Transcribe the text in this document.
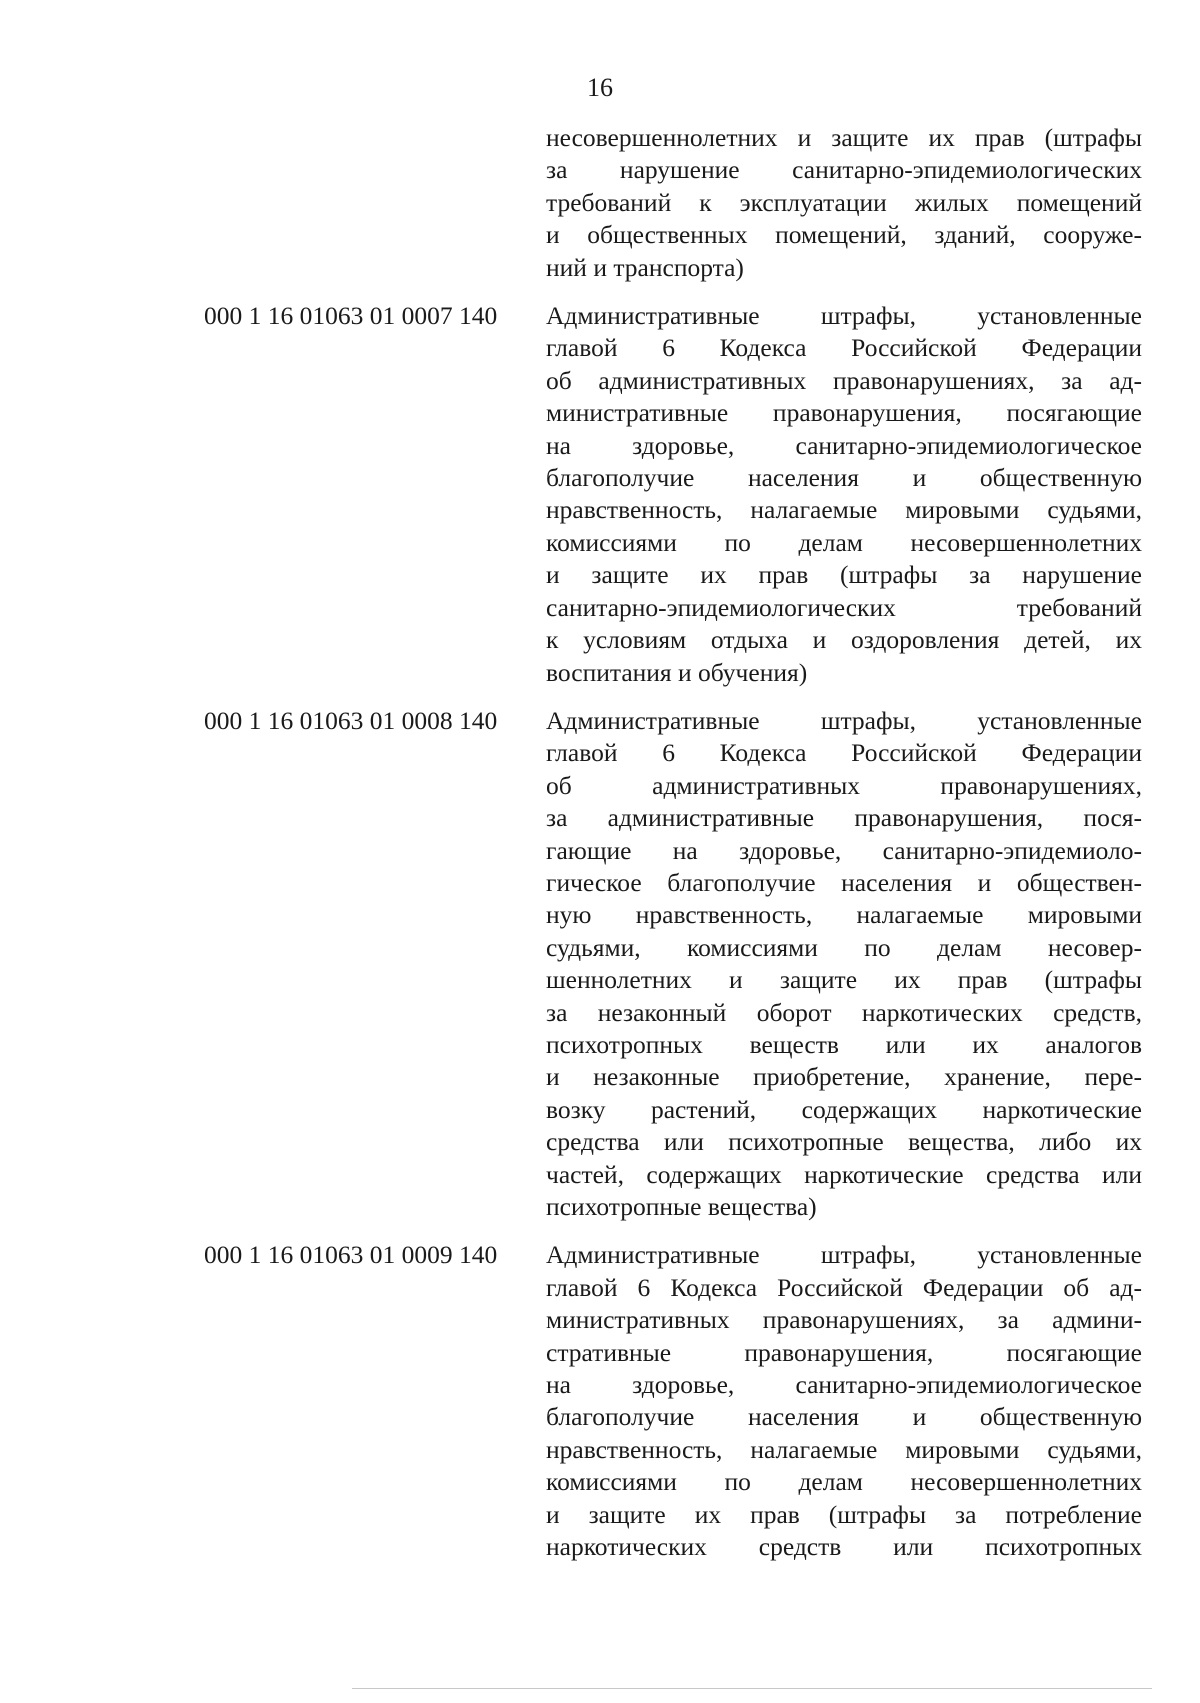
16
несовершеннолетних и защите их прав (штрафы
за нарушение санитарно-эпидемиологических
требований к эксплуатации жилых помещений
и общественных помещений, зданий, сооруже-
ний и транспорта)
000 1 16 01063 01 0007 140	Административные штрафы, установленные
главой 6 Кодекса Российской Федерации
об административных правонарушениях, за ад-
министративные правонарушения, посягающие
на здоровье, санитарно-эпидемиологическое
благополучие населения и общественную
нравственность, налагаемые мировыми судьями,
комиссиями по делам несовершеннолетних
и защите их прав (штрафы за нарушение
санитарно-эпидемиологических требований
к условиям отдыха и оздоровления детей, их
воспитания и обучения)
000 1 16 01063 01 0008 140	Административные штрафы, установленные
главой 6 Кодекса Российской Федерации
об административных правонарушениях,
за административные правонарушения, пося-
гающие на здоровье, санитарно-эпидемиоло-
гическое благополучие населения и обществен-
ную нравственность, налагаемые мировыми
судьями, комиссиями по делам несовер-
шеннолетних и защите их прав (штрафы
за незаконный оборот наркотических средств,
психотропных веществ или их аналогов
и незаконные приобретение, хранение, пере-
возку растений, содержащих наркотические
средства или психотропные вещества, либо их
частей, содержащих наркотические средства или
психотропные вещества)
000 1 16 01063 01 0009 140	Административные штрафы, установленные
главой 6 Кодекса Российской Федерации об ад-
министративных правонарушениях, за админи-
стративные правонарушения, посягающие
на здоровье, санитарно-эпидемиологическое
благополучие населения и общественную
нравственность, налагаемые мировыми судьями,
комиссиями по делам несовершеннолетних
и защите их прав (штрафы за потребление
наркотических средств или психотропных
